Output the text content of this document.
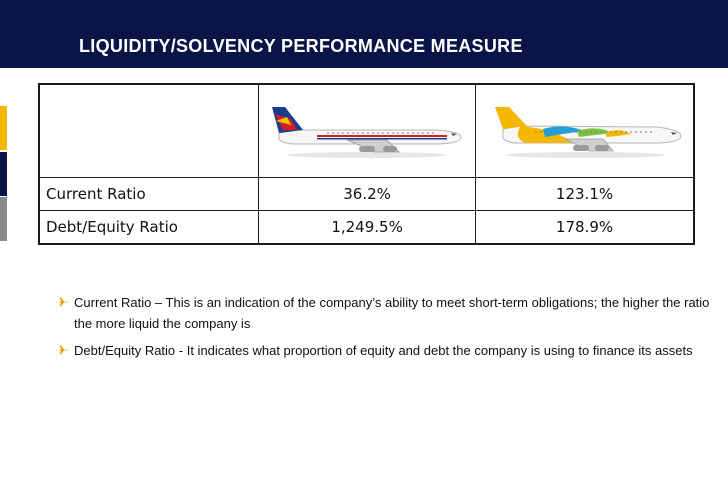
LIQUIDITY/SOLVENCY PERFORMANCE MEASURE

Current Ratio	36.2%	123.1%
Debt/Equity Ratio	1,249.5%	178.9%
Current Ratio – This is an indication of the company’s ability to meet short-term obligations; the higher the ratio the more liquid the company is
Debt/Equity Ratio - It indicates what proportion of equity and debt the company is using to finance its assets
